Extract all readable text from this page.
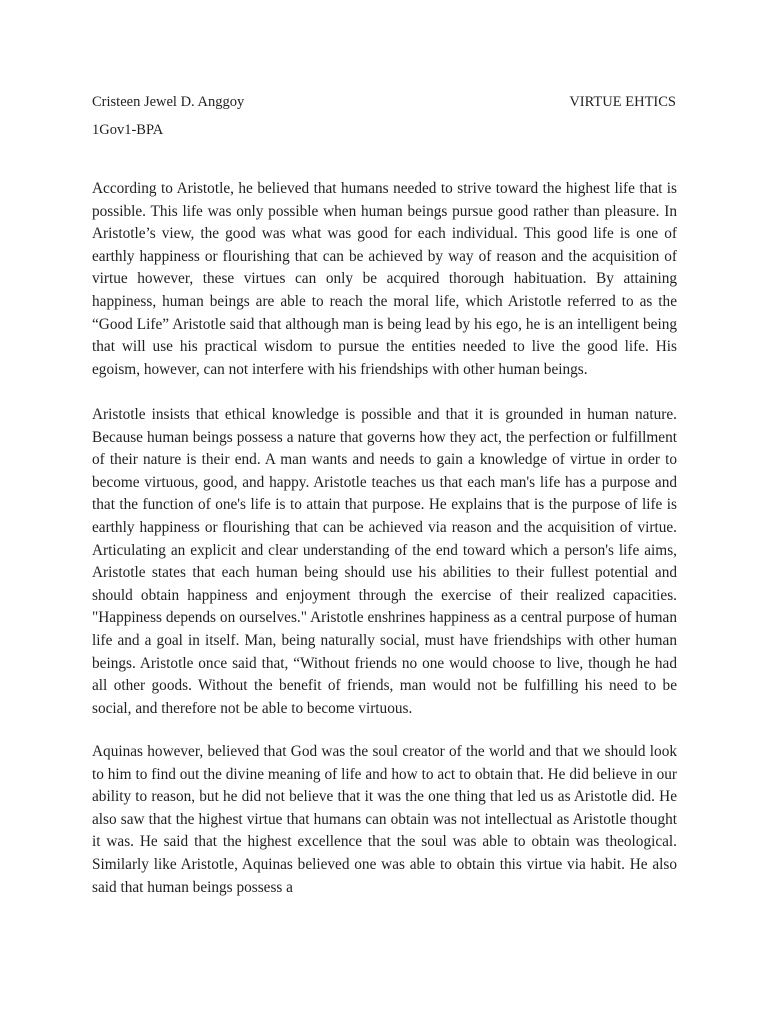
Cristeen Jewel D. Anggoy
1Gov1-BPA
VIRTUE EHTICS
According to Aristotle, he believed that humans needed to strive toward the highest life that is possible. This life was only possible when human beings pursue good rather than pleasure. In Aristotle’s view, the good was what was good for each individual. This good life is one of earthly happiness or flourishing that can be achieved by way of reason and the acquisition of virtue however, these virtues can only be acquired thorough habituation. By attaining happiness, human beings are able to reach the moral life, which Aristotle referred to as the “Good Life” Aristotle said that although man is being lead by his ego, he is an intelligent being that will use his practical wisdom to pursue the entities needed to live the good life. His egoism, however, can not interfere with his friendships with other human beings.
Aristotle insists that ethical knowledge is possible and that it is grounded in human nature. Because human beings possess a nature that governs how they act, the perfection or fulfillment of their nature is their end. A man wants and needs to gain a knowledge of virtue in order to become virtuous, good, and happy. Aristotle teaches us that each man's life has a purpose and that the function of one's life is to attain that purpose. He explains that is the purpose of life is earthly happiness or flourishing that can be achieved via reason and the acquisition of virtue. Articulating an explicit and clear understanding of the end toward which a person's life aims, Aristotle states that each human being should use his abilities to their fullest potential and should obtain happiness and enjoyment through the exercise of their realized capacities. "Happiness depends on ourselves." Aristotle enshrines happiness as a central purpose of human life and a goal in itself. Man, being naturally social, must have friendships with other human beings. Aristotle once said that, “Without friends no one would choose to live, though he had all other goods. Without the benefit of friends, man would not be fulfilling his need to be social, and therefore not be able to become virtuous.
Aquinas however, believed that God was the soul creator of the world and that we should look to him to find out the divine meaning of life and how to act to obtain that. He did believe in our ability to reason, but he did not believe that it was the one thing that led us as Aristotle did. He also saw that the highest virtue that humans can obtain was not intellectual as Aristotle thought it was. He said that the highest excellence that the soul was able to obtain was theological. Similarly like Aristotle, Aquinas believed one was able to obtain this virtue via habit. He also said that human beings possess a
